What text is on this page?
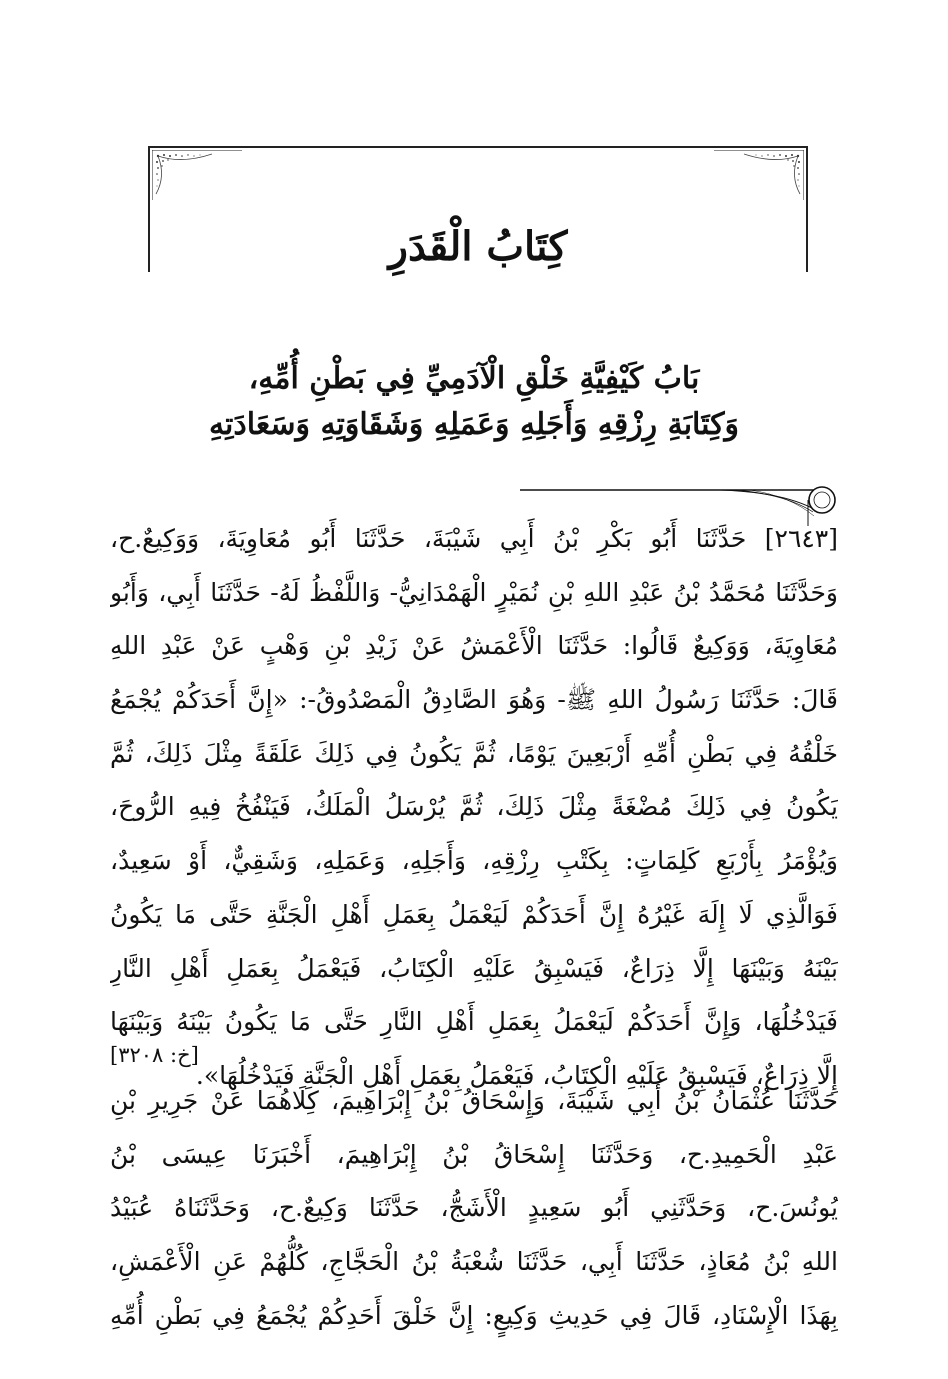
كِتَابُ الْقَدَرِ
بَابُ كَيْفِيَّةِ خَلْقِ الْآدَمِيِّ فِي بَطْنِ أُمِّهِ،
وَكِتَابَةِ رِزْقِهِ وَأَجَلِهِ وَعَمَلِهِ وَشَقَاوَتِهِ وَسَعَادَتِهِ
[٢٦٤٣] حَدَّثَنَا أَبُو بَكْرِ بْنُ أَبِي شَيْبَةَ، حَدَّثَنَا أَبُو مُعَاوِيَةَ، وَوَكِيعٌ.ح،
وَحَدَّثَنَا مُحَمَّدُ بْنُ عَبْدِ اللهِ بْنِ نُمَيْرٍ الْهَمْدَانِيُّ- وَاللَّفْظُ لَهُ- حَدَّثَنَا أَبِي، وَأَبُو
مُعَاوِيَةَ، وَوَكِيعٌ قَالُوا: حَدَّثَنَا الْأَعْمَشُ عَنْ زَيْدِ بْنِ وَهْبٍ عَنْ عَبْدِ اللهِ
قَالَ: حَدَّثَنَا رَسُولُ اللهِ ﷺ- وَهُوَ الصَّادِقُ الْمَصْدُوقُ-: «إِنَّ أَحَدَكُمْ يُجْمَعُ
خَلْقُهُ فِي بَطْنِ أُمِّهِ أَرْبَعِينَ يَوْمًا، ثُمَّ يَكُونُ فِي ذَلِكَ عَلَقَةً مِثْلَ ذَلِكَ، ثُمَّ
يَكُونُ فِي ذَلِكَ مُضْغَةً مِثْلَ ذَلِكَ، ثُمَّ يُرْسَلُ الْمَلَكُ، فَيَنْفُخُ فِيهِ الرُّوحَ،
وَيُؤْمَرُ بِأَرْبَعِ كَلِمَاتٍ: بِكَتْبِ رِزْقِهِ، وَأَجَلِهِ، وَعَمَلِهِ، وَشَقِيٌّ، أَوْ سَعِيدٌ،
فَوَالَّذِي لَا إِلَهَ غَيْرُهُ إِنَّ أَحَدَكُمْ لَيَعْمَلُ بِعَمَلِ أَهْلِ الْجَنَّةِ حَتَّى مَا يَكُونُ
بَيْنَهُ وَبَيْنَهَا إِلَّا ذِرَاعٌ، فَيَسْبِقُ عَلَيْهِ الْكِتَابُ، فَيَعْمَلُ بِعَمَلِ أَهْلِ النَّارِ
فَيَدْخُلُهَا، وَإِنَّ أَحَدَكُمْ لَيَعْمَلُ بِعَمَلِ أَهْلِ النَّارِ حَتَّى مَا يَكُونُ بَيْنَهُ وَبَيْنَهَا
إِلَّا ذِرَاعٌ، فَيَسْبِقُ عَلَيْهِ الْكِتَابُ، فَيَعْمَلُ بِعَمَلِ أَهْلِ الْجَنَّةِ فَيَدْخُلُهَا».
[خ: ٣٢٠٨]
حَدَّثَنَا عُثْمَانُ بْنُ أَبِي شَيْبَةَ، وَإِسْحَاقُ بْنُ إِبْرَاهِيمَ، كِلَاهُمَا عَنْ جَرِيرِ بْنِ
عَبْدِ الْحَمِيدِ.ح، وَحَدَّثَنَا إِسْحَاقُ بْنُ إِبْرَاهِيمَ، أَخْبَرَنَا عِيسَى بْنُ
يُونُسَ.ح، وَحَدَّثَنِي أَبُو سَعِيدٍ الْأَشَجُّ، حَدَّثَنَا وَكِيعٌ.ح، وَحَدَّثَنَاهُ عُبَيْدُ
اللهِ بْنُ مُعَاذٍ، حَدَّثَنَا أَبِي، حَدَّثَنَا شُعْبَةُ بْنُ الْحَجَّاجِ، كُلُّهُمْ عَنِ الْأَعْمَشِ،
بِهَذَا الْإِسْنَادِ، قَالَ فِي حَدِيثِ وَكِيعٍ: إِنَّ خَلْقَ أَحَدِكُمْ يُجْمَعُ فِي بَطْنِ أُمِّهِ
